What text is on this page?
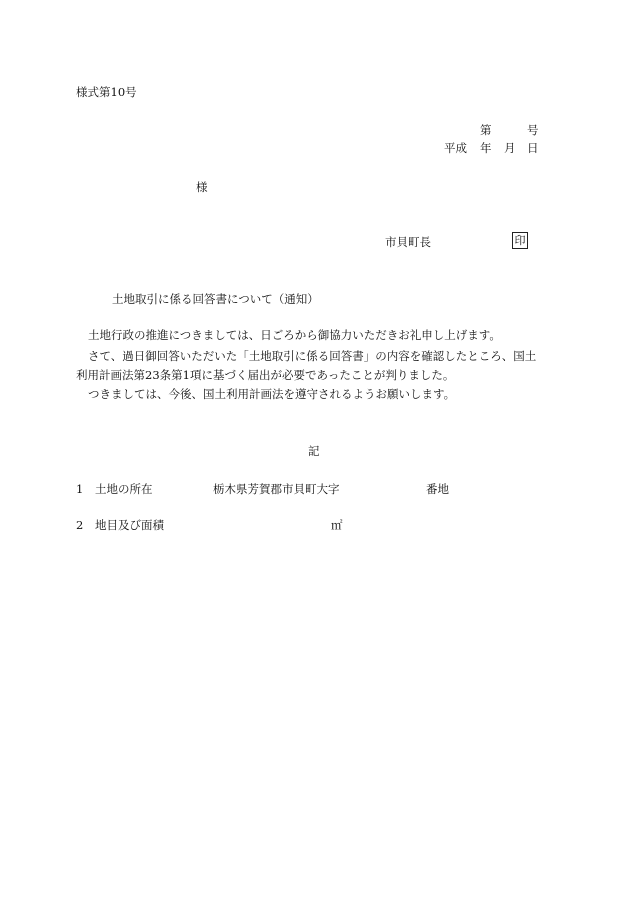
様式第10号
第	号
平成 年 月 日
様
市貝町長	印
土地取引に係る回答書について（通知）
土地行政の推進につきましては、日ごろから御協力いただきお礼申し上げます。
さて、過日御回答いただいた「土地取引に係る回答書」の内容を確認したところ、国土
利用計画法第23条第1項に基づく届出が必要であったことが判りました。
つきましては、今後、国土利用計画法を遵守されるようお願いします。
記
1 土地の所在	栃木県芳賀郡市貝町大字	番地
2 地目及び面積	㎡
